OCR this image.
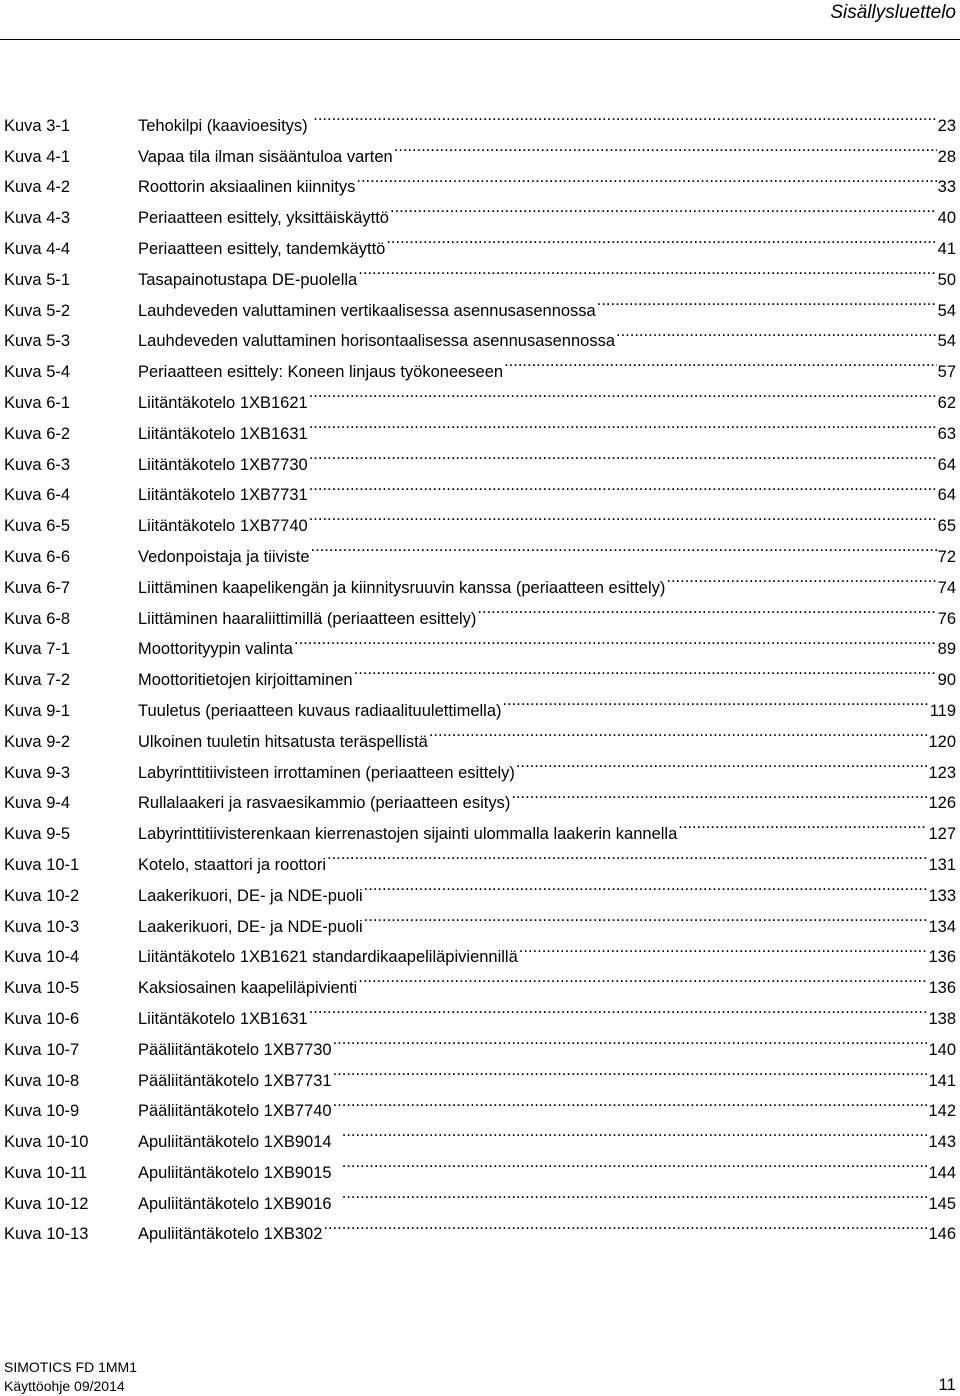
Sisällysluettelo
Kuva 3-1	Tehokilpi (kaavioesitys) .....	23
Kuva 4-1	Vapaa tila ilman sisääntuloa varten .....	28
Kuva 4-2	Roottorin aksiaalinen kiinnitys .....	33
Kuva 4-3	Periaatteen esittely, yksittäiskäyttö .....	40
Kuva 4-4	Periaatteen esittely, tandemkäyttö .....	41
Kuva 5-1	Tasapainotustapa DE-puolella .....	50
Kuva 5-2	Lauhdeveden valuttaminen vertikaalisessa asennusasennossa .....	54
Kuva 5-3	Lauhdeveden valuttaminen horisontaalisessa asennusasennossa .....	54
Kuva 5-4	Periaatteen esittely: Koneen linjaus työkoneeseen .....	57
Kuva 6-1	Liitäntäkotelo 1XB1621 .....	62
Kuva 6-2	Liitäntäkotelo 1XB1631 .....	63
Kuva 6-3	Liitäntäkotelo 1XB7730 .....	64
Kuva 6-4	Liitäntäkotelo 1XB7731 .....	64
Kuva 6-5	Liitäntäkotelo 1XB7740 .....	65
Kuva 6-6	Vedonpoistaja ja tiiviste .....	72
Kuva 6-7	Liittäminen kaapelikengän ja kiinnitysruuvin kanssa (periaatteen esittely) .....	74
Kuva 6-8	Liittäminen haaraliittimillä (periaatteen esittely) .....	76
Kuva 7-1	Moottorityypin valinta .....	89
Kuva 7-2	Moottoritietojen kirjoittaminen .....	90
Kuva 9-1	Tuuletus (periaatteen kuvaus radiaalituulettimella) .....	119
Kuva 9-2	Ulkoinen tuuletin hitsatusta teräspellistä .....	120
Kuva 9-3	Labyrinttitiivisteen irrottaminen (periaatteen esittely) .....	123
Kuva 9-4	Rullalaakeri ja rasvaesikammio (periaatteen esitys) .....	126
Kuva 9-5	Labyrinttitiivisterenkaan kierrenastojen sijainti ulommalla laakerin kannella .....	127
Kuva 10-1	Kotelo, staattori ja roottori .....	131
Kuva 10-2	Laakerikuori, DE- ja NDE-puoli .....	133
Kuva 10-3	Laakerikuori, DE- ja NDE-puoli .....	134
Kuva 10-4	Liitäntäkotelo 1XB1621 standardikaapeliläpiviennillä .....	136
Kuva 10-5	Kaksiosainen kaapeliläpivienti .....	136
Kuva 10-6	Liitäntäkotelo 1XB1631 .....	138
Kuva 10-7	Pääliitäntäkotelo 1XB7730 .....	140
Kuva 10-8	Pääliitäntäkotelo 1XB7731 .....	141
Kuva 10-9	Pääliitäntäkotelo 1XB7740 .....	142
Kuva 10-10	Apuliitäntäkotelo 1XB9014 .....	143
Kuva 10-11	Apuliitäntäkotelo 1XB9015 .....	144
Kuva 10-12	Apuliitäntäkotelo 1XB9016 .....	145
Kuva 10-13	Apuliitäntäkotelo 1XB302 .....	146
SIMOTICS FD 1MM1
Käyttöohje 09/2014	11
